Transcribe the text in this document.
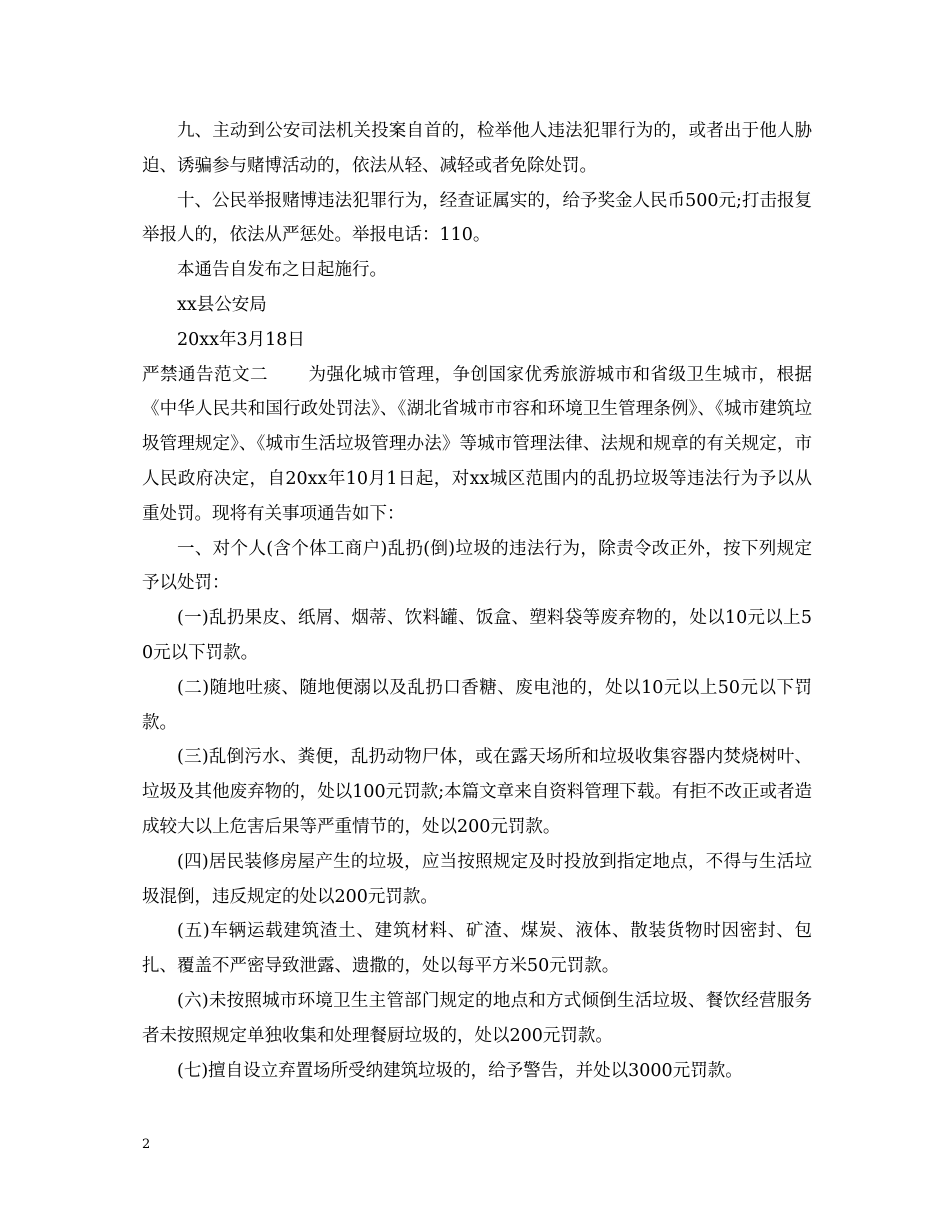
九、主动到公安司法机关投案自首的，检举他人违法犯罪行为的，或者出于他人胁迫、诱骗参与赌博活动的，依法从轻、减轻或者免除处罚。

十、公民举报赌博违法犯罪行为，经查证属实的，给予奖金人民币500元;打击报复举报人的，依法从严惩处。举报电话：110。

本通告自发布之日起施行。

xx县公安局

20xx年3月18日

严禁通告范文二 为强化城市管理，争创国家优秀旅游城市和省级卫生城市，根据《中华人民共和国行政处罚法》、《湖北省城市市容和环境卫生管理条例》、《城市建筑垃圾管理规定》、《城市生活垃圾管理办法》等城市管理法律、法规和规章的有关规定，市人民政府决定，自20xx年10月1日起，对xx城区范围内的乱扔垃圾等违法行为予以从重处罚。现将有关事项通告如下：

一、对个人(含个体工商户)乱扔(倒)垃圾的违法行为，除责令改正外，按下列规定予以处罚：

(一)乱扔果皮、纸屑、烟蒂、饮料罐、饭盒、塑料袋等废弃物的，处以10元以上50元以下罚款。

(二)随地吐痰、随地便溺以及乱扔口香糖、废电池的，处以10元以上50元以下罚款。

(三)乱倒污水、粪便，乱扔动物尸体，或在露天场所和垃圾收集容器内焚烧树叶、垃圾及其他废弃物的，处以100元罚款;本篇文章来自资料管理下载。有拒不改正或者造成较大以上危害后果等严重情节的，处以200元罚款。

(四)居民装修房屋产生的垃圾，应当按照规定及时投放到指定地点，不得与生活垃圾混倒，违反规定的处以200元罚款。

(五)车辆运载建筑渣土、建筑材料、矿渣、煤炭、液体、散装货物时因密封、包扎、覆盖不严密导致泄露、遗撒的，处以每平方米50元罚款。

(六)未按照城市环境卫生主管部门规定的地点和方式倾倒生活垃圾、餐饮经营服务者未按照规定单独收集和处理餐厨垃圾的，处以200元罚款。

(七)擅自设立弃置场所受纳建筑垃圾的，给予警告，并处以3000元罚款。

2
